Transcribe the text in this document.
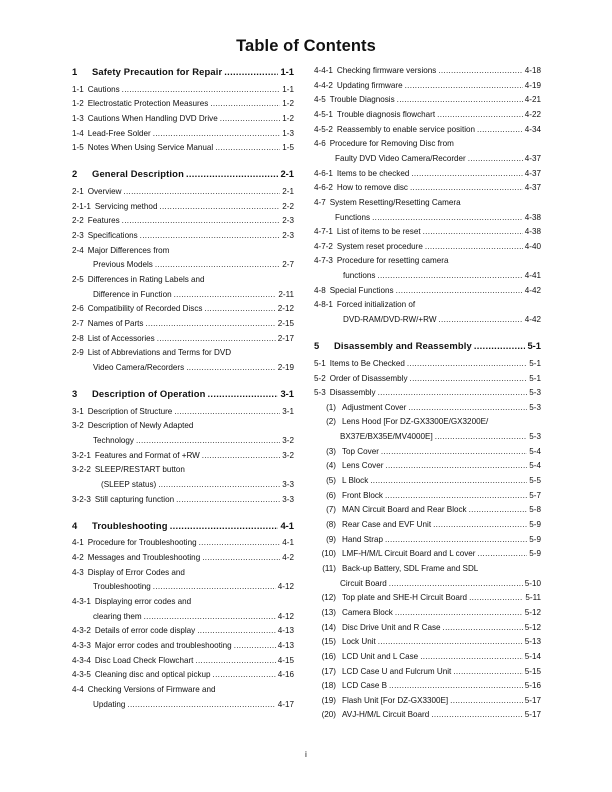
Table of Contents
1 Safety Precaution for Repair .....	1-1
1-1 Cautions .....	1-1
1-2 Electrostatic Protection Measures .....	1-2
1-3 Cautions When Handling DVD Drive .....	1-2
1-4 Lead-Free Solder .....	1-3
1-5 Notes When Using Service Manual .....	1-5
2 General Description .....	2-1
2-1 Overview .....	2-1
2-1-1 Servicing method .....	2-2
2-2 Features .....	2-3
2-3 Specifications .....	2-3
2-4 Major Differences from
Previous Models .....	2-7
2-5 Differences in Rating Labels and
Difference in Function .....	2-11
2-6 Compatibility of Recorded Discs .....	2-12
2-7 Names of Parts .....	2-15
2-8 List of Accessories .....	2-17
2-9 List of Abbreviations and Terms for DVD
Video Camera/Recorders .....	2-19
3 Description of Operation .....	3-1
3-1 Description of Structure .....	3-1
3-2 Description of Newly Adapted
Technology .....	3-2
3-2-1 Features and Format of +RW .....	3-2
3-2-2 SLEEP/RESTART button
(SLEEP status) .....	3-3
3-2-3 Still capturing function .....	3-3
4 Troubleshooting .....	4-1
4-1 Procedure for Troubleshooting .....	4-1
4-2 Messages and Troubleshooting .....	4-2
4-3 Display of Error Codes and
Troubleshooting .....	4-12
4-3-1 Displaying error codes and
clearing them .....	4-12
4-3-2 Details of error code display .....	4-13
4-3-3 Major error codes and troubleshooting .....	4-13
4-3-4 Disc Load Check Flowchart .....	4-15
4-3-5 Cleaning disc and optical pickup .....	4-16
4-4 Checking Versions of Firmware and
Updating .....	4-17
4-4-1 Checking firmware versions .....	4-18
4-4-2 Updating firmware .....	4-19
4-5 Trouble Diagnosis .....	4-21
4-5-1 Trouble diagnosis flowchart .....	4-22
4-5-2 Reassembly to enable service position .....	4-34
4-6 Procedure for Removing Disc from
Faulty DVD Video Camera/Recorder .....	4-37
4-6-1 Items to be checked .....	4-37
4-6-2 How to remove disc .....	4-37
4-7 System Resetting/Resetting Camera
Functions .....	4-38
4-7-1 List of items to be reset .....	4-38
4-7-2 System reset procedure .....	4-40
4-7-3 Procedure for resetting camera
functions .....	4-41
4-8 Special Functions .....	4-42
4-8-1 Forced initialization of
DVD-RAM/DVD-RW/+RW .....	4-42
5 Disassembly and Reassembly .....	5-1
5-1 Items to Be Checked .....	5-1
5-2 Order of Disassembly .....	5-1
5-3 Disassembly .....	5-3
(1) Adjustment Cover .....	5-3
(2) Lens Hood [For DZ-GX3300E/GX3200E/
BX37E/BX35E/MV4000E] .....	5-3
(3) Top Cover .....	5-4
(4) Lens Cover .....	5-4
(5) L Block .....	5-5
(6) Front Block .....	5-7
(7) MAN Circuit Board and Rear Block .....	5-8
(8) Rear Case and EVF Unit .....	5-9
(9) Hand Strap .....	5-9
(10) LMF-H/M/L Circuit Board and L cover .....	5-9
(11) Back-up Battery, SDL Frame and SDL
Circuit Board .....	5-10
(12) Top plate and SHE-H Circuit Board .....	5-11
(13) Camera Block .....	5-12
(14) Disc Drive Unit and R Case .....	5-12
(15) Lock Unit .....	5-13
(16) LCD Unit and L Case .....	5-14
(17) LCD Case U and Fulcrum Unit .....	5-15
(18) LCD Case B .....	5-16
(19) Flash Unit [For DZ-GX3300E] .....	5-17
(20) AVJ-H/M/L Circuit Board .....	5-17
i
